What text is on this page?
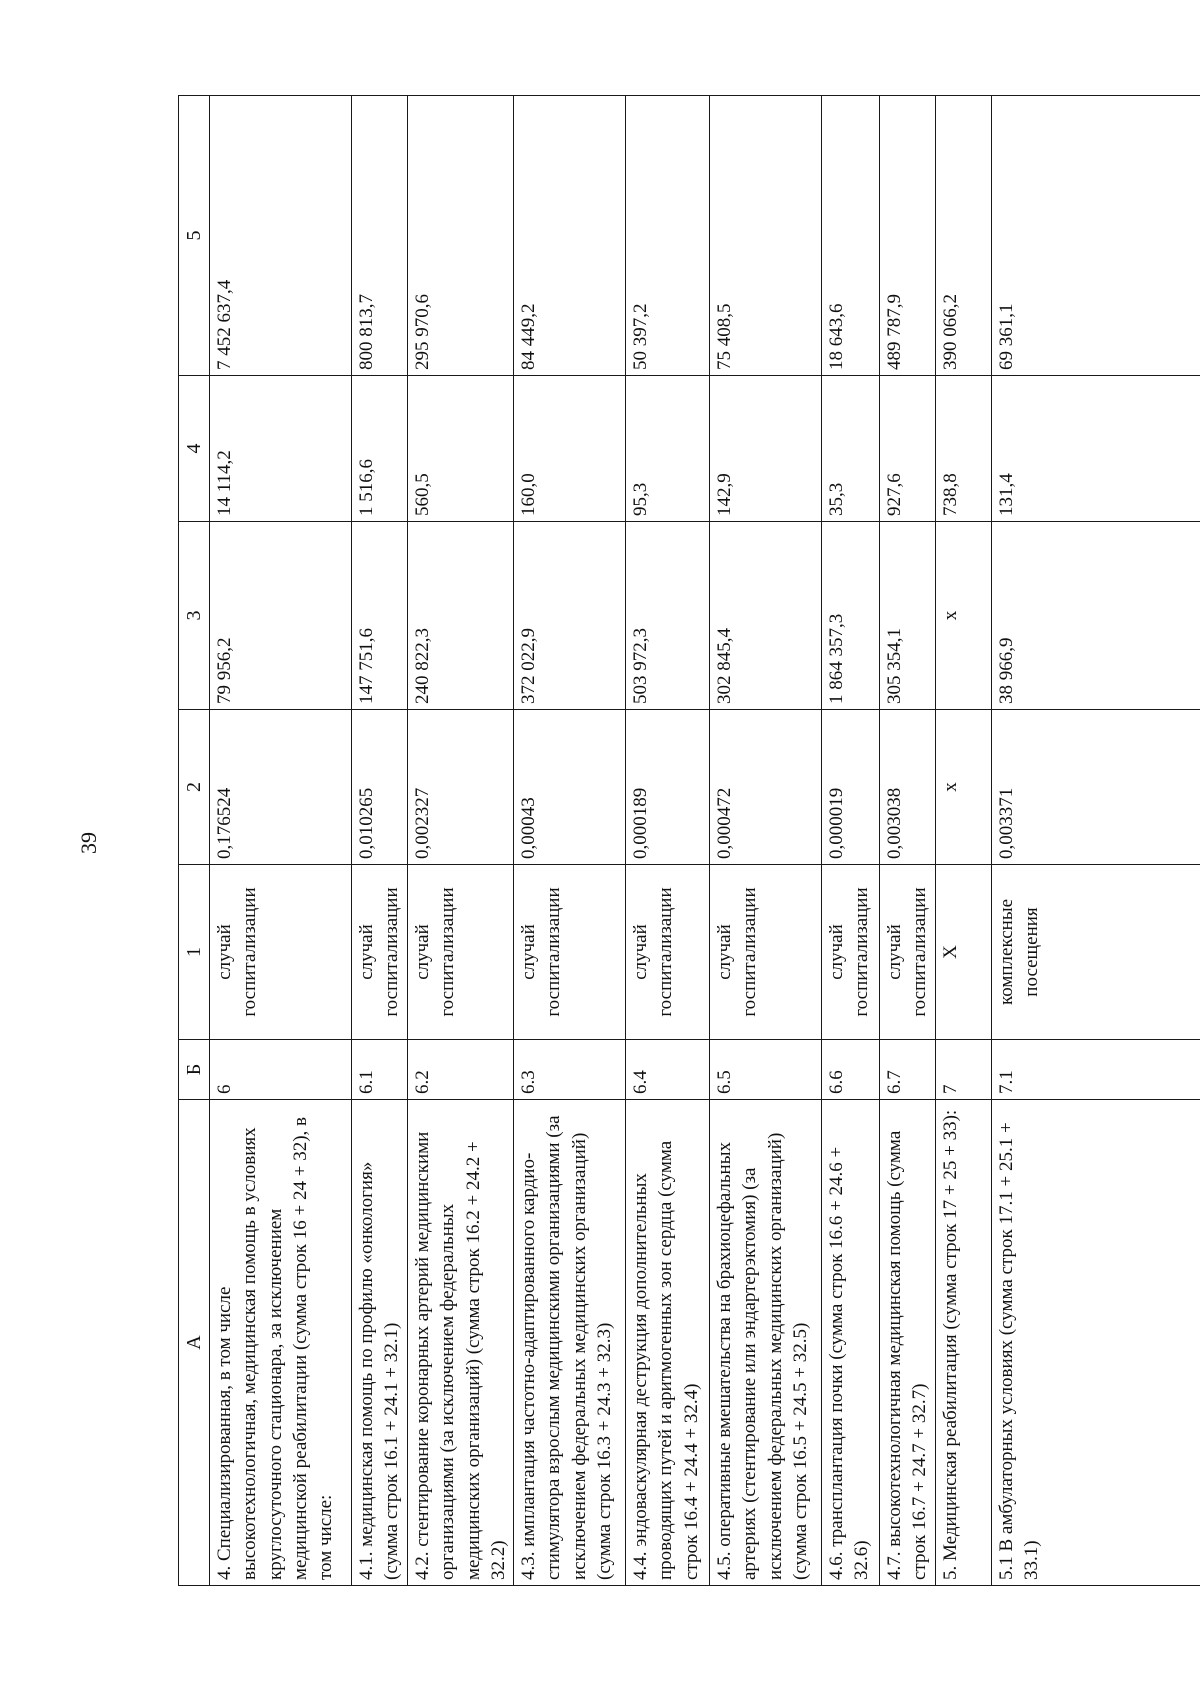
39
А	Б	1	2	3	4	5
4. Специализированная, в том числе высокотехнологичная, медицинская помощь в условиях круглосуточного стационара, за исключением медицинской реабилитации (сумма строк 16 + 24 + 32), в том числе:	6	случай госпитализации	0,176524	79 956,2	14 114,2	7 452 637,4
4.1. медицинская помощь по профилю «онкология» (сумма строк 16.1 + 24.1 + 32.1)	6.1	случай госпитализации	0,010265	147 751,6	1 516,6	800 813,7
4.2. стентирование коронарных артерий медицинскими организациями (за исключением федеральных медицинских организаций) (сумма строк 16.2 + 24.2 + 32.2)	6.2	случай госпитализации	0,002327	240 822,3	560,5	295 970,6
4.3. имплантация частотно-адаптированного кардио-стимулятора взрослым медицинскими организациями (за исключением федеральных медицинских организаций) (сумма строк 16.3 + 24.3 + 32.3)	6.3	случай госпитализации	0,00043	372 022,9	160,0	84 449,2
4.4. эндоваскулярная деструкция дополнительных проводящих путей и аритмогенных зон сердца (сумма строк 16.4 + 24.4 + 32.4)	6.4	случай госпитализации	0,000189	503 972,3	95,3	50 397,2
4.5. оперативные вмешательства на брахиоцефальных артериях (стентирование или эндартерэктомия) (за исключением федеральных медицинских организаций) (сумма строк 16.5 + 24.5 + 32.5)	6.5	случай госпитализации	0,000472	302 845,4	142,9	75 408,5
4.6. трансплантация почки (сумма строк 16.6 + 24.6 + 32.6)	6.6	случай госпитализации	0,000019	1 864 357,3	35,3	18 643,6
4.7. высокотехнологичная медицинская помощь (сумма строк 16.7 + 24.7 + 32.7)	6.7	случай госпитализации	0,003038	305 354,1	927,6	489 787,9
5. Медицинская реабилитация (сумма строк 17 + 25 + 33):	7	Х	х	х	738,8	390 066,2
5.1 В амбулаторных условиях (сумма строк 17.1 + 25.1 + 33.1)	7.1	комплексные посещения	0,003371	38 966,9	131,4	69 361,1
